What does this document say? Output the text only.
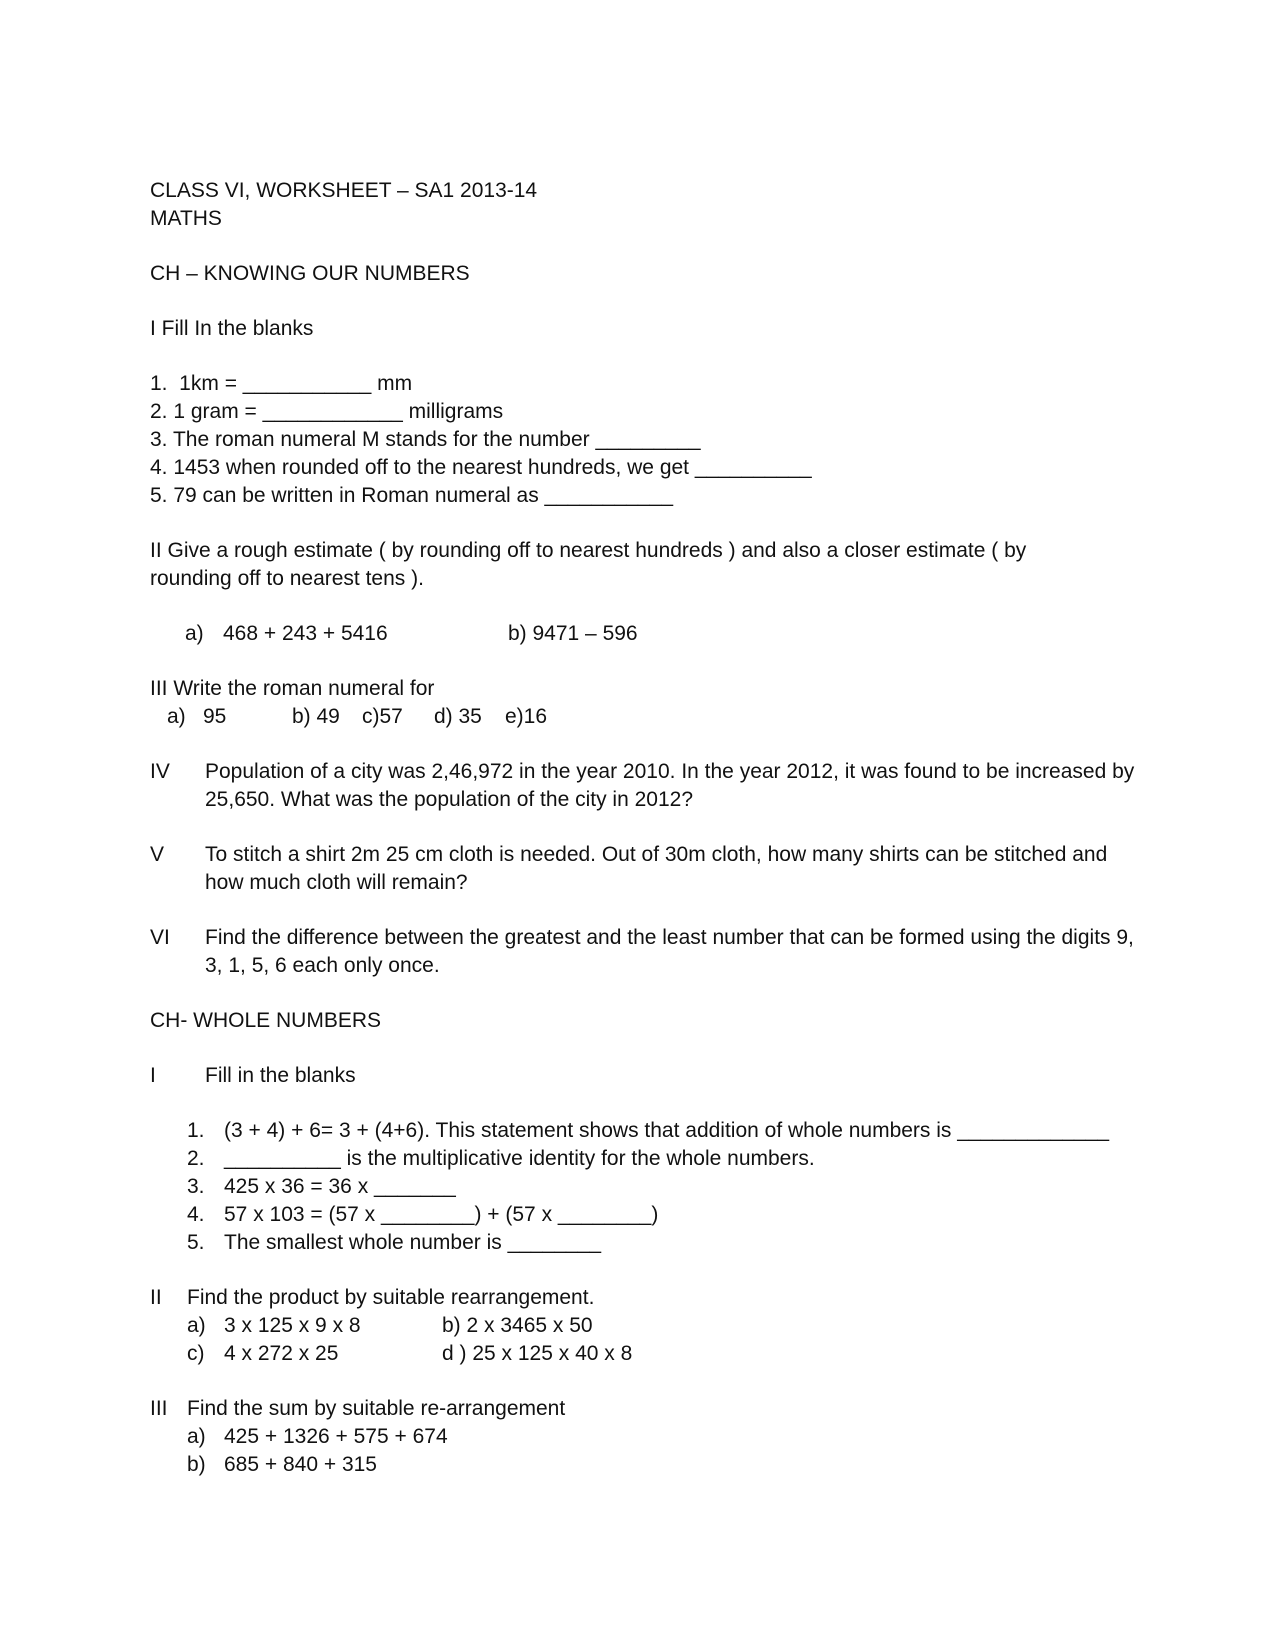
CLASS VI, WORKSHEET – SA1 2013-14
MATHS
CH – KNOWING OUR NUMBERS
I Fill In the blanks
1.  1km = ___________ mm
2. 1 gram = ____________ milligrams
3. The roman numeral M stands for the number _________
4. 1453 when rounded off to the nearest hundreds, we get __________
5. 79 can be written in Roman numeral as ___________
II Give a rough estimate ( by rounding off to nearest hundreds ) and also a closer estimate ( by rounding off to nearest tens ).
a) 468 + 243 + 5416	b) 9471 – 596
III Write the roman numeral for
a) 95	b) 49 c)57 d) 35 e)16
IV	Population of a city was 2,46,972 in the year 2010. In the year 2012, it was found to be increased by 25,650. What was the population of the city in 2012?
V	To stitch a shirt 2m 25 cm cloth is needed. Out of 30m cloth, how many shirts can be stitched and how much cloth will remain?
VI	Find the difference between the greatest and the least number that can be formed using the digits 9, 3, 1, 5, 6 each only once.
CH- WHOLE NUMBERS
I	Fill in the blanks
1. (3 + 4) + 6= 3 + (4+6). This statement shows that addition of whole numbers is _____________
2. __________ is the multiplicative identity for the whole numbers.
3. 425 x 36 = 36 x _______
4. 57 x 103 = (57 x ________) + (57 x ________)
5. The smallest whole number is ________
II	Find the product by suitable rearrangement.
a) 3 x 125 x 9 x 8	b) 2 x 3465 x 50
c) 4 x 272 x 25	d ) 25 x 125 x 40 x 8
III Find the sum by suitable re-arrangement
a) 425 + 1326 + 575 + 674
b) 685 + 840 + 315
